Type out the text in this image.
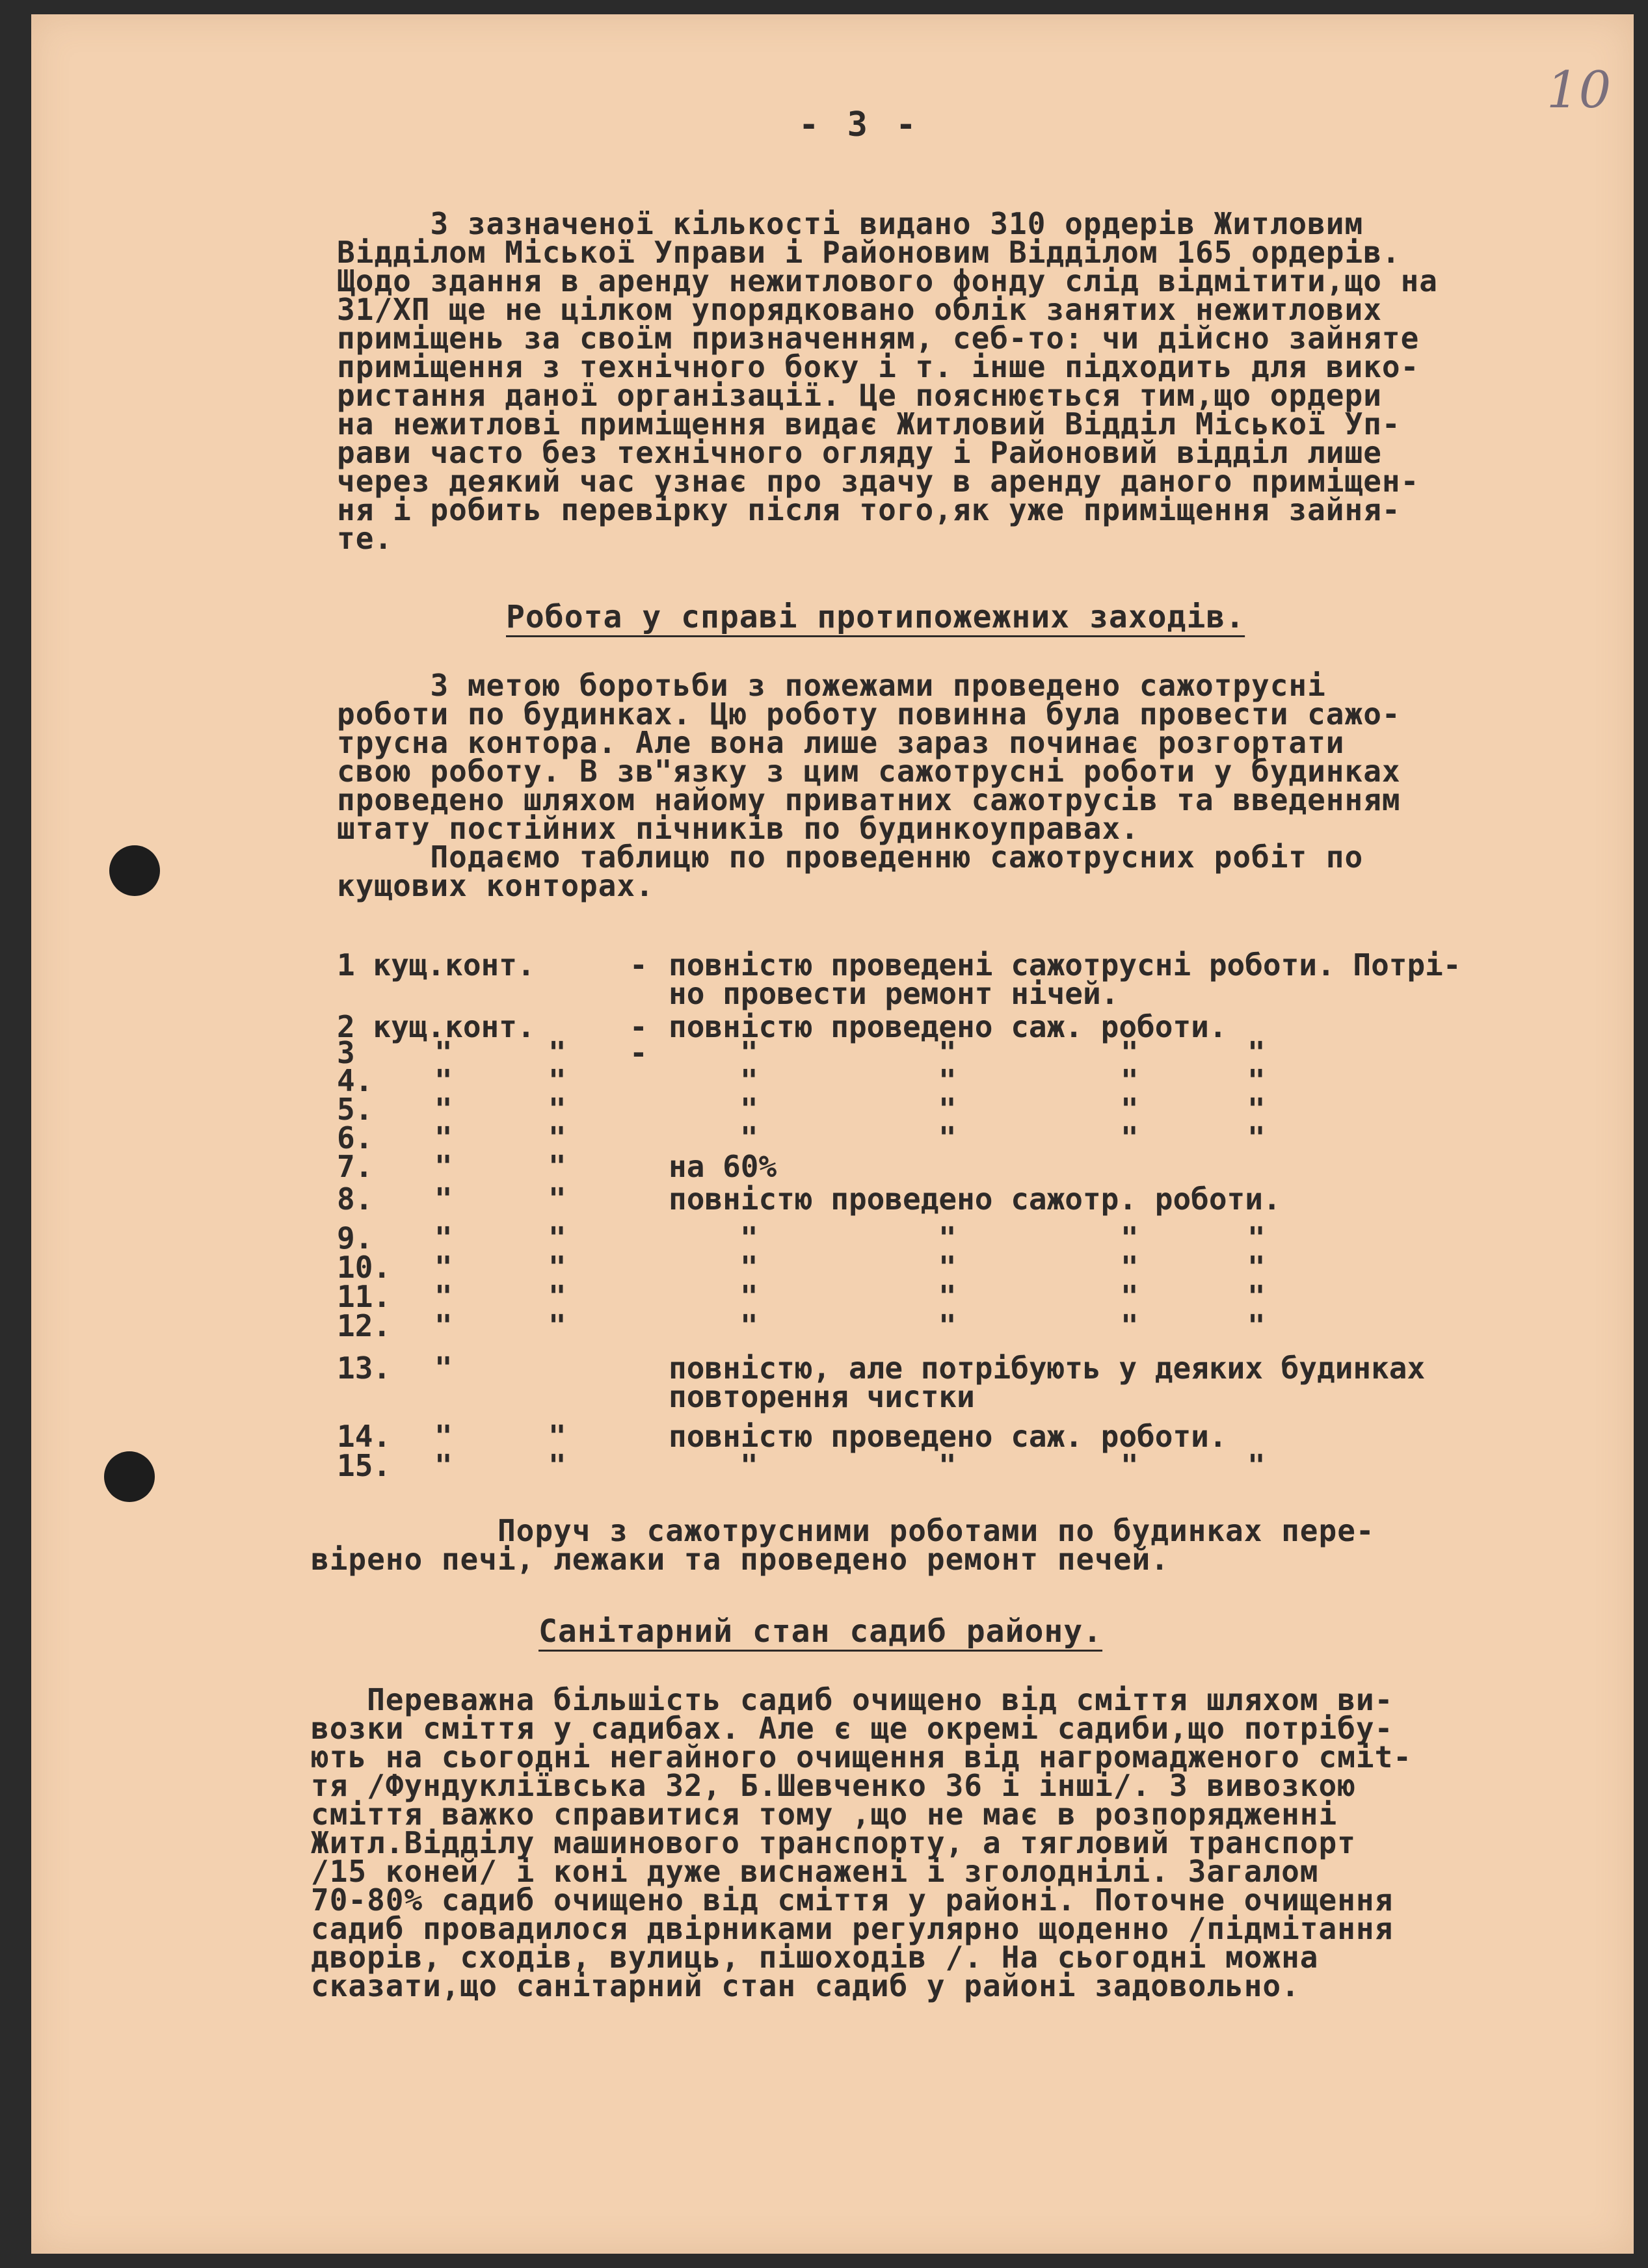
10
- 3 -
З зазначеної кількості видано 310 ордерів Житловим
Відділом Міської Управи і Районовим Відділом 165 ордерів.
Щодо здання в аренду нежитлового фонду слід відмітити,що на
31/ХП ще не цілком упорядковано облік занятих нежитлових
приміщень за своїм призначенням, себ-то: чи дійсно зайняте
приміщення з технічного боку і т. інше підходить для вико-
ристання даної організації. Це пояснюється тим,що ордери
на нежитлові приміщення видає Житловий Відділ Міської Уп-
рави часто без технічного огляду і Районовий відділ лише
через деякий час узнає про здачу в аренду даного приміщен-
ня і робить перевірку після того,як уже приміщення зайня-
те.
Робота у справі протипожежних заходів.
З метою боротьби з пожежами проведено сажотрусні
роботи по будинках. Цю роботу повинна була провести сажо-
трусна контора. Але вона лише зараз починає розгортати
свою роботу. В зв"язку з цим сажотрусні роботи у будинках
проведено шляхом найому приватних сажотрусів та введенням
штату постійних пічників по будинкоуправах.
Подаємо таблицю по проведенню сажотрусних робіт по
кущових конторах.
1 кущ.конт.	- повністю проведені сажотрусні роботи. Потрі-
но провести ремонт нічей.
2 кущ.конт.	- повністю проведено саж. роботи.
3	"	" -	"	"	"	"
4. "	"	"	"	"	"
5. "	"	"	"	"	"
6. "	"	"	"	"	"
7. "	"	на 60%
8. "	"	повністю проведено сажотр. роботи.
9. "	"	"	"	"	"
10. "	"	"	"	"	"
11. "	"	"	"	"	"
12. "	"	"	"	"	"
13. "	повністю, але потрібують у деяких будинках
повторення чистки
14. "	"	повністю проведено саж. роботи.
15. "	"	"	"	"	"
Поруч з сажотрусними роботами по будинках пере-
вірено печі, лежаки та проведено ремонт печей.
Санітарний стан садиб району.
Переважна більшість садиб очищено від сміття шляхом ви-
возки сміття у садибах. Але є ще окремі садиби,що потрібу-
ють на сьогодні негайного очищення від нагромадженого смit-
тя /Фундукліївська 32, Б.Шевченко 36 і інші/. З вивозкою
сміття важко справитися тому ,що не має в розпорядженні
Житл.Відділу машинового транспорту, а тягловий транспорт
/15 коней/ і коні дуже виснажені і зголоднілі. Загалом
70-80% садиб очищено від сміття у районі. Поточне очищення
садиб провадилося двірниками регулярно щоденно /підмітання
дворів, сходів, вулиць, пішоходів /. На сьогодні можна
сказати,що санітарний стан садиб у районі задовольно.
